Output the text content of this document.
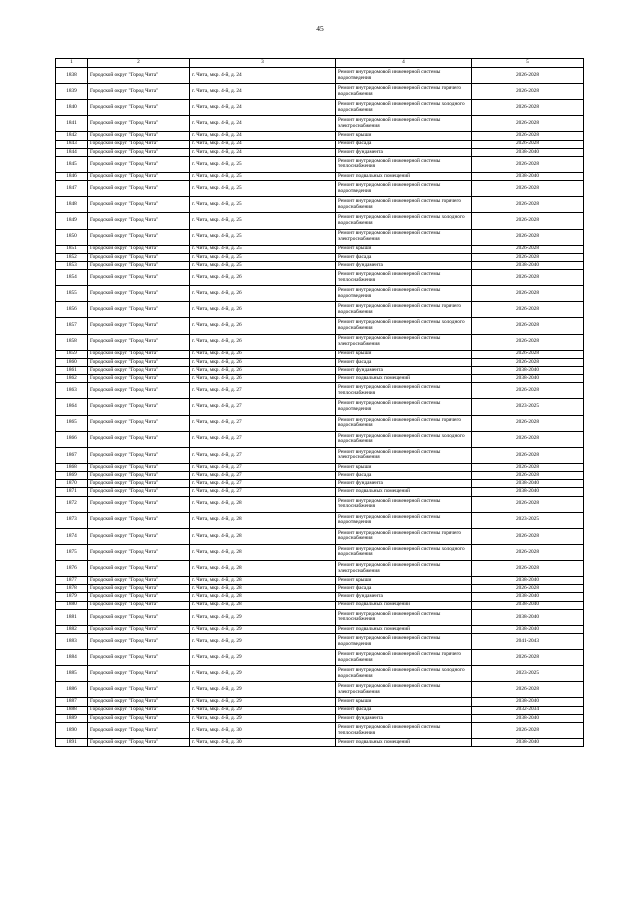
45
1	2	3	4	5
1838	Городской округ "Город Чита"	г. Чита, мкр. 4-й, д. 24	Ремонт внутридомовой инженерной системы водоотведения	2026-2028
1839	Городской округ "Город Чита"	г. Чита, мкр. 4-й, д. 24	Ремонт внутридомовой инженерной системы горячего водоснабжения	2026-2028
1840	Городской округ "Город Чита"	г. Чита, мкр. 4-й, д. 24	Ремонт внутридомовой инженерной системы холодного водоснабжения	2026-2028
1841	Городской округ "Город Чита"	г. Чита, мкр. 4-й, д. 24	Ремонт внутридомовой инженерной системы электроснабжения	2026-2028
1842	Городской округ "Город Чита"	г. Чита, мкр. 4-й, д. 24	Ремонт крыши	2026-2028
1843	Городской округ "Город Чита"	г. Чита, мкр. 4-й, д. 24	Ремонт фасада	2026-2028
1844	Городской округ "Город Чита"	г. Чита, мкр. 4-й, д. 24	Ремонт фундамента	2038-2040
1845	Городской округ "Город Чита"	г. Чита, мкр. 4-й, д. 25	Ремонт внутридомовой инженерной системы теплоснабжения	2026-2028
1846	Городской округ "Город Чита"	г. Чита, мкр. 4-й, д. 25	Ремонт подвальных помещений	2038-2040
1847	Городской округ "Город Чита"	г. Чита, мкр. 4-й, д. 25	Ремонт внутридомовой инженерной системы водоотведения	2026-2028
1848	Городской округ "Город Чита"	г. Чита, мкр. 4-й, д. 25	Ремонт внутридомовой инженерной системы горячего водоснабжения	2026-2028
1849	Городской округ "Город Чита"	г. Чита, мкр. 4-й, д. 25	Ремонт внутридомовой инженерной системы холодного водоснабжения	2026-2028
1850	Городской округ "Город Чита"	г. Чита, мкр. 4-й, д. 25	Ремонт внутридомовой инженерной системы электроснабжения	2026-2028
1851	Городской округ "Город Чита"	г. Чита, мкр. 4-й, д. 25	Ремонт крыши	2026-2028
1852	Городской округ "Город Чита"	г. Чита, мкр. 4-й, д. 25	Ремонт фасада	2026-2028
1853	Городской округ "Город Чита"	г. Чита, мкр. 4-й, д. 25	Ремонт фундамента	2038-2040
1854	Городской округ "Город Чита"	г. Чита, мкр. 4-й, д. 26	Ремонт внутридомовой инженерной системы теплоснабжения	2026-2028
1855	Городской округ "Город Чита"	г. Чита, мкр. 4-й, д. 26	Ремонт внутридомовой инженерной системы водоотведения	2026-2028
1856	Городской округ "Город Чита"	г. Чита, мкр. 4-й, д. 26	Ремонт внутридомовой инженерной системы горячего водоснабжения	2026-2028
1857	Городской округ "Город Чита"	г. Чита, мкр. 4-й, д. 26	Ремонт внутридомовой инженерной системы холодного водоснабжения	2026-2028
1858	Городской округ "Город Чита"	г. Чита, мкр. 4-й, д. 26	Ремонт внутридомовой инженерной системы электроснабжения	2026-2028
1859	Городской округ "Город Чита"	г. Чита, мкр. 4-й, д. 26	Ремонт крыши	2026-2028
1860	Городской округ "Город Чита"	г. Чита, мкр. 4-й, д. 26	Ремонт фасада	2026-2028
1861	Городской округ "Город Чита"	г. Чита, мкр. 4-й, д. 26	Ремонт фундамента	2038-2040
1862	Городской округ "Город Чита"	г. Чита, мкр. 4-й, д. 26	Ремонт подвальных помещений	2038-2040
1863	Городской округ "Город Чита"	г. Чита, мкр. 4-й, д. 27	Ремонт внутридомовой инженерной системы теплоснабжения	2026-2028
1864	Городской округ "Город Чита"	г. Чита, мкр. 4-й, д. 27	Ремонт внутридомовой инженерной системы водоотведения	2023-2025
1865	Городской округ "Город Чита"	г. Чита, мкр. 4-й, д. 27	Ремонт внутридомовой инженерной системы горячего водоснабжения	2026-2028
1866	Городской округ "Город Чита"	г. Чита, мкр. 4-й, д. 27	Ремонт внутридомовой инженерной системы холодного водоснабжения	2026-2028
1867	Городской округ "Город Чита"	г. Чита, мкр. 4-й, д. 27	Ремонт внутридомовой инженерной системы электроснабжения	2026-2028
1868	Городской округ "Город Чита"	г. Чита, мкр. 4-й, д. 27	Ремонт крыши	2026-2028
1869	Городской округ "Город Чита"	г. Чита, мкр. 4-й, д. 27	Ремонт фасада	2026-2028
1870	Городской округ "Город Чита"	г. Чита, мкр. 4-й, д. 27	Ремонт фундамента	2038-2040
1871	Городской округ "Город Чита"	г. Чита, мкр. 4-й, д. 27	Ремонт подвальных помещений	2038-2040
1872	Городской округ "Город Чита"	г. Чита, мкр. 4-й, д. 28	Ремонт внутридомовой инженерной системы теплоснабжения	2026-2028
1873	Городской округ "Город Чита"	г. Чита, мкр. 4-й, д. 28	Ремонт внутридомовой инженерной системы водоотведения	2023-2025
1874	Городской округ "Город Чита"	г. Чита, мкр. 4-й, д. 28	Ремонт внутридомовой инженерной системы горячего водоснабжения	2026-2028
1875	Городской округ "Город Чита"	г. Чита, мкр. 4-й, д. 28	Ремонт внутридомовой инженерной системы холодного водоснабжения	2026-2028
1876	Городской округ "Город Чита"	г. Чита, мкр. 4-й, д. 28	Ремонт внутридомовой инженерной системы электроснабжения	2026-2028
1877	Городской округ "Город Чита"	г. Чита, мкр. 4-й, д. 28	Ремонт крыши	2038-2040
1878	Городской округ "Город Чита"	г. Чита, мкр. 4-й, д. 28	Ремонт фасада	2026-2028
1879	Городской округ "Город Чита"	г. Чита, мкр. 4-й, д. 28	Ремонт фундамента	2038-2040
1880	Городской округ "Город Чита"	г. Чита, мкр. 4-й, д. 28	Ремонт подвальных помещений	2038-2040
1881	Городской округ "Город Чита"	г. Чита, мкр. 4-й, д. 29	Ремонт внутридомовой инженерной системы теплоснабжения	2038-2040
1882	Городской округ "Город Чита"	г. Чита, мкр. 4-й, д. 29	Ремонт подвальных помещений	2038-2040
1883	Городской округ "Город Чита"	г. Чита, мкр. 4-й, д. 29	Ремонт внутридомовой инженерной системы водоотведения	2041-2043
1884	Городской округ "Город Чита"	г. Чита, мкр. 4-й, д. 29	Ремонт внутридомовой инженерной системы горячего водоснабжения	2026-2028
1885	Городской округ "Город Чита"	г. Чита, мкр. 4-й, д. 29	Ремонт внутридомовой инженерной системы холодного водоснабжения	2023-2025
1886	Городской округ "Город Чита"	г. Чита, мкр. 4-й, д. 29	Ремонт внутридомовой инженерной системы электроснабжения	2026-2028
1887	Городской округ "Город Чита"	г. Чита, мкр. 4-й, д. 29	Ремонт крыши	2038-2040
1888	Городской округ "Город Чита"	г. Чита, мкр. 4-й, д. 29	Ремонт фасада	2032-2034
1889	Городской округ "Город Чита"	г. Чита, мкр. 4-й, д. 29	Ремонт фундамента	2038-2040
1890	Городской округ "Город Чита"	г. Чита, мкр. 4-й, д. 30	Ремонт внутридомовой инженерной системы теплоснабжения	2026-2028
1891	Городской округ "Город Чита"	г. Чита, мкр. 4-й, д. 30	Ремонт подвальных помещений	2038-2040
